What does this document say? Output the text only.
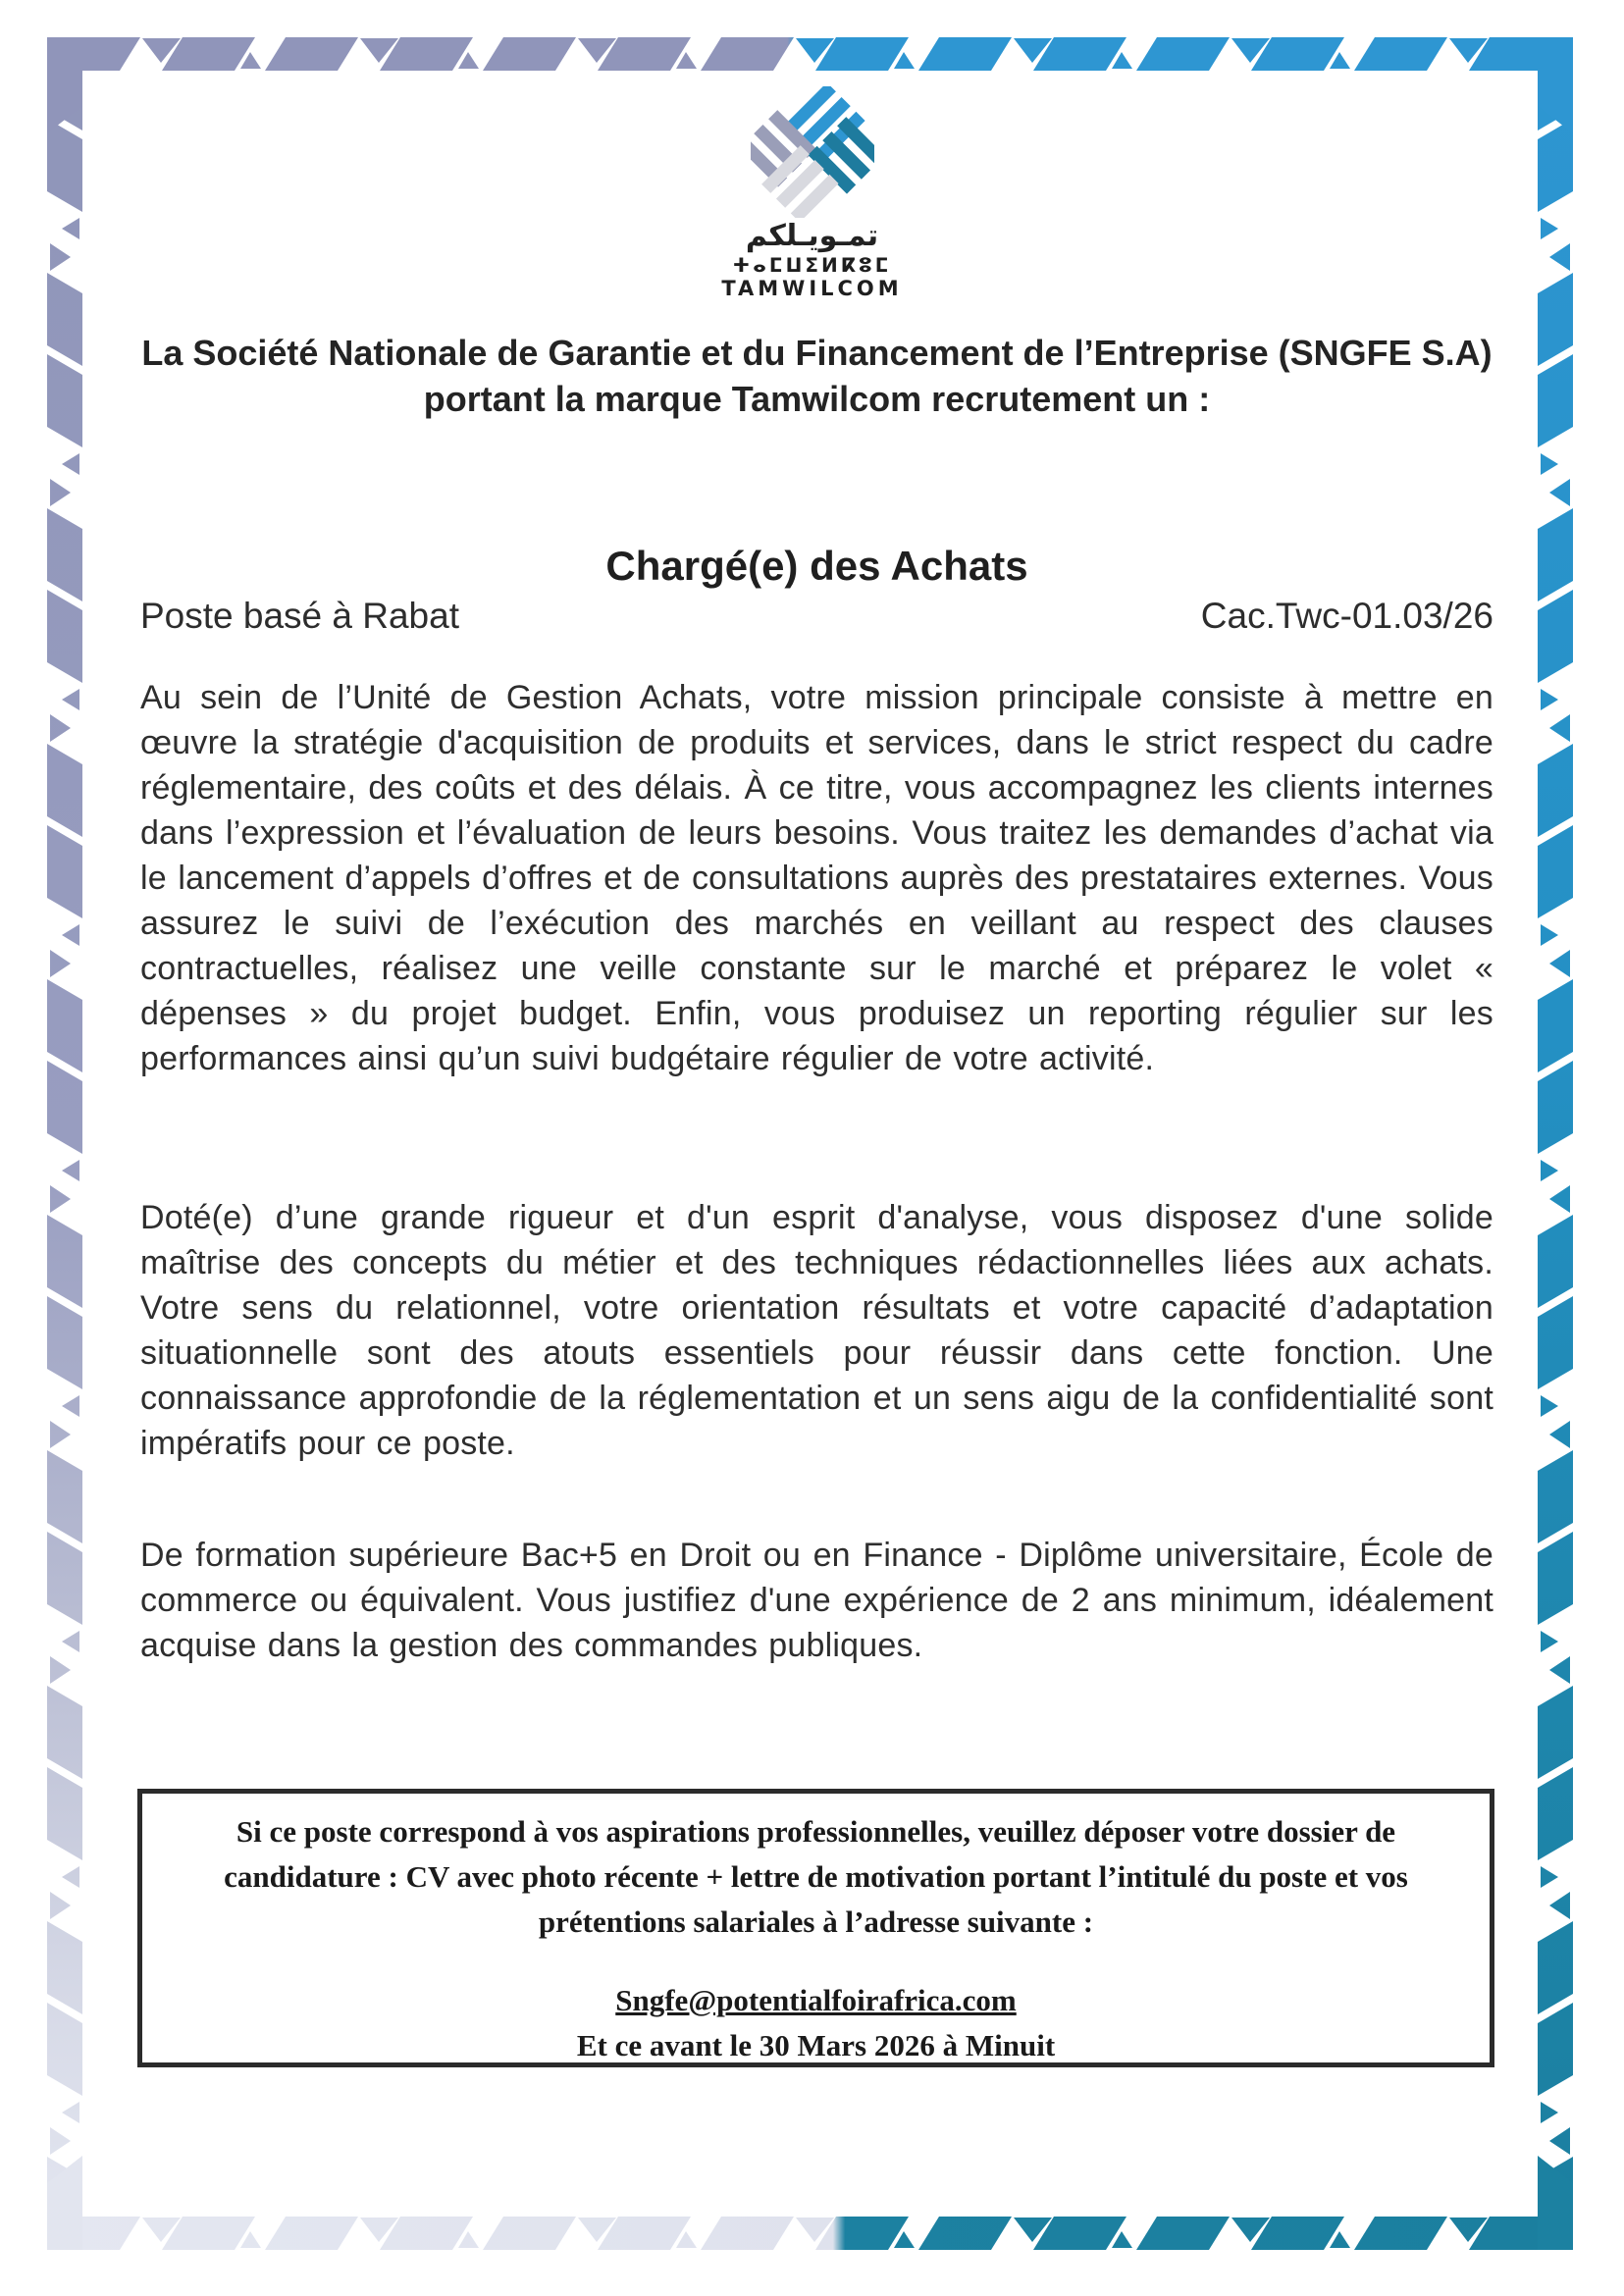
تمـويـلكم
ⵜⴰⵎⵡⵉⵍⴽⵓⵎ
TAMWILCOM
La Société Nationale de Garantie et du Financement de l’Entreprise (SNGFE S.A)
portant la marque Tamwilcom recrutement un :
Chargé(e) des Achats
Poste basé à Rabat	Cac.Twc-01.03/26
Au sein de l’Unité de Gestion Achats, votre mission principale consiste à mettre en œuvre la stratégie d'acquisition de produits et services, dans le strict respect du cadre réglementaire, des coûts et des délais. À ce titre, vous accompagnez les clients internes dans l’expression et l’évaluation de leurs besoins. Vous traitez les demandes d’achat via le lancement d’appels d’offres et de consultations auprès des prestataires externes. Vous assurez le suivi de l’exécution des marchés en veillant au respect des clauses contractuelles, réalisez une veille constante sur le marché et préparez le volet « dépenses » du projet budget. Enfin, vous produisez un reporting régulier sur les performances ainsi qu’un suivi budgétaire régulier de votre activité.
Doté(e) d’une grande rigueur et d'un esprit d'analyse, vous disposez d'une solide maîtrise des concepts du métier et des techniques rédactionnelles liées aux achats. Votre sens du relationnel, votre orientation résultats et votre capacité d’adaptation situationnelle sont des atouts essentiels pour réussir dans cette fonction. Une connaissance approfondie de la réglementation et un sens aigu de la confidentialité sont impératifs pour ce poste.
De formation supérieure Bac+5 en Droit ou en Finance - Diplôme universitaire, École de commerce ou équivalent. Vous justifiez d'une expérience de 2 ans minimum, idéalement acquise dans la gestion des commandes publiques.
Si ce poste correspond à vos aspirations professionnelles, veuillez déposer votre dossier de candidature : CV avec photo récente + lettre de motivation portant l’intitulé du poste et vos prétentions salariales à l’adresse suivante :
Sngfe@potentialfoirafrica.com
Et ce avant le 30 Mars 2026 à Minuit
